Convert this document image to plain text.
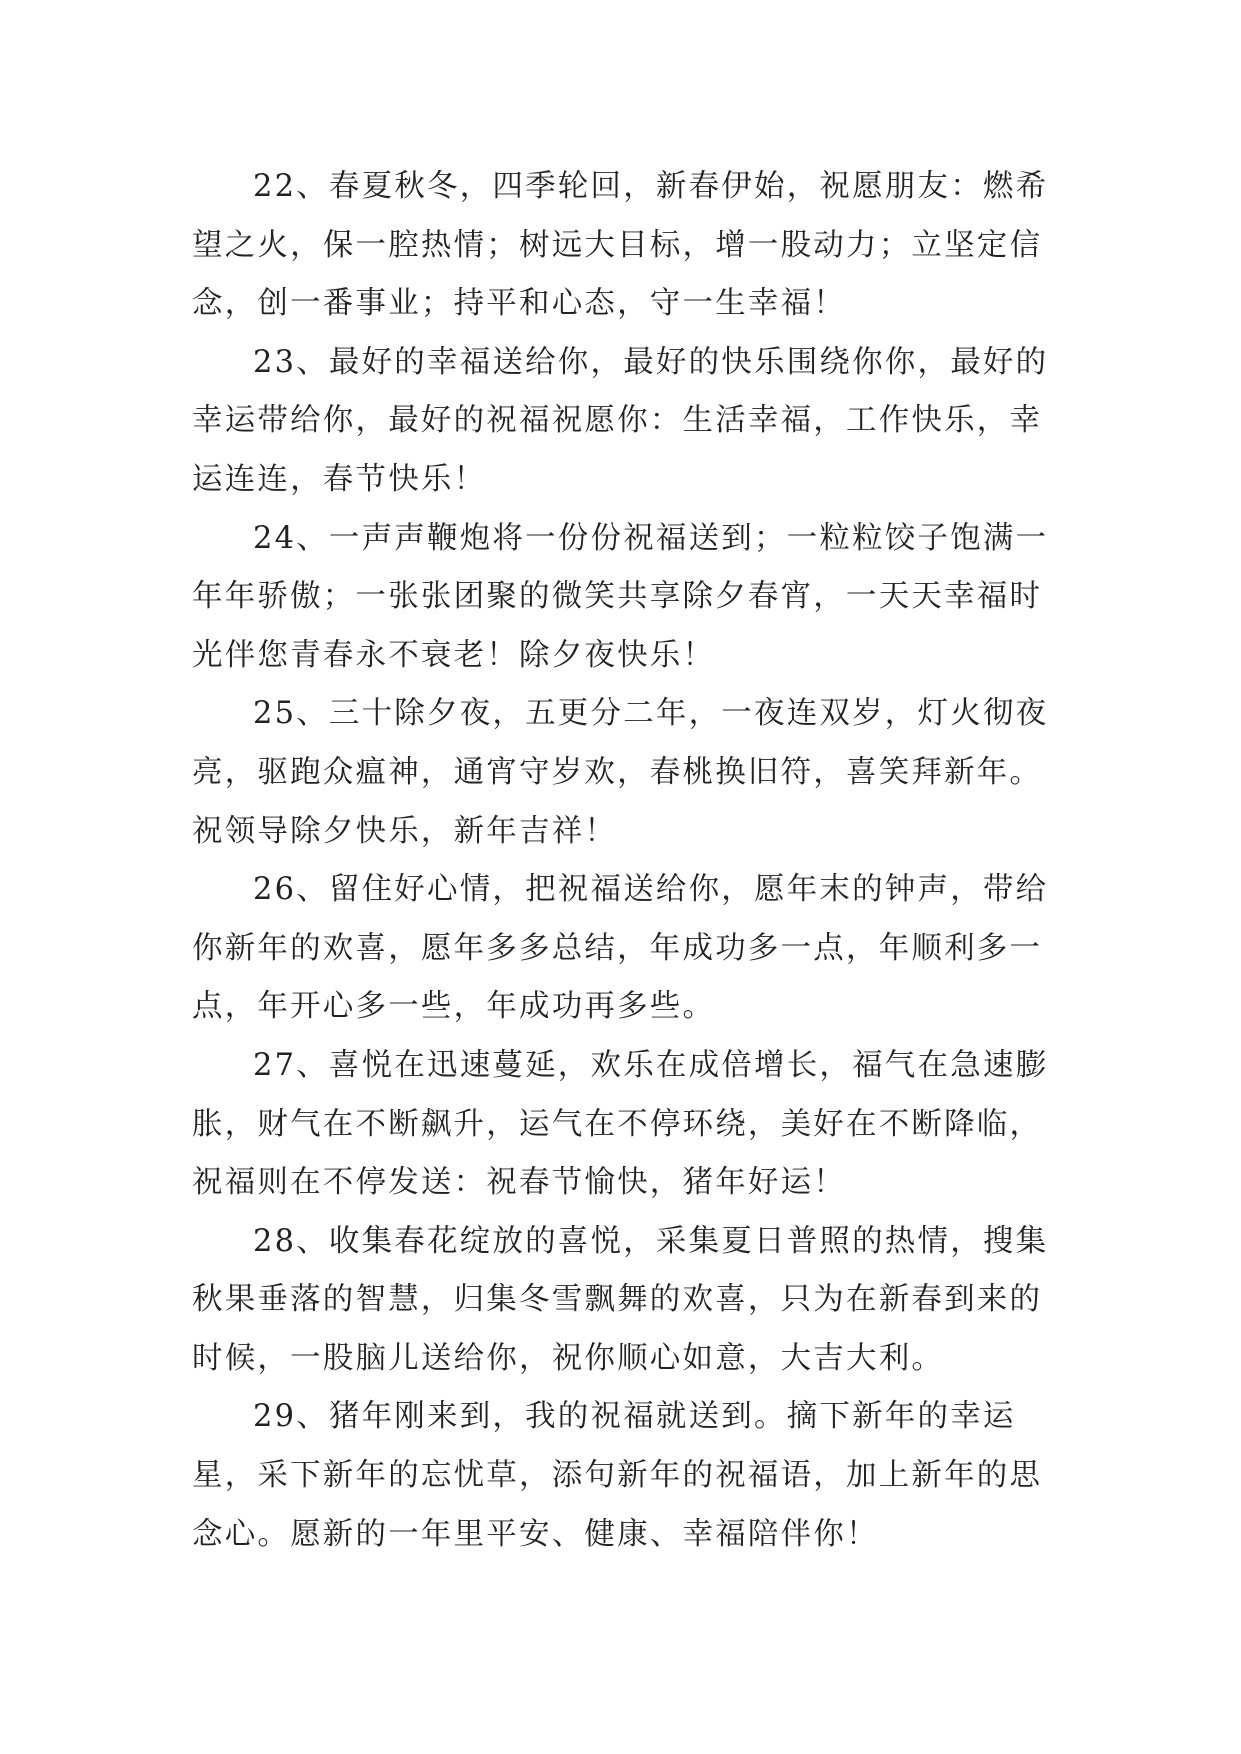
22、春夏秋冬，四季轮回，新春伊始，祝愿朋友：燃希望之火，保一腔热情；树远大目标，增一股动力；立坚定信念，创一番事业；持平和心态，守一生幸福！

23、最好的幸福送给你，最好的快乐围绕你你，最好的幸运带给你，最好的祝福祝愿你：生活幸福，工作快乐，幸运连连，春节快乐！

24、一声声鞭炮将一份份祝福送到；一粒粒饺子饱满一年年骄傲；一张张团聚的微笑共享除夕春宵，一天天幸福时光伴您青春永不衰老！除夕夜快乐！

25、三十除夕夜，五更分二年，一夜连双岁，灯火彻夜亮，驱跑众瘟神，通宵守岁欢，春桃换旧符，喜笑拜新年。祝领导除夕快乐，新年吉祥！

26、留住好心情，把祝福送给你，愿年末的钟声，带给你新年的欢喜，愿年多多总结，年成功多一点，年顺利多一点，年开心多一些，年成功再多些。

27、喜悦在迅速蔓延，欢乐在成倍增长，福气在急速膨胀，财气在不断飙升，运气在不停环绕，美好在不断降临，祝福则在不停发送：祝春节愉快，猪年好运！

28、收集春花绽放的喜悦，采集夏日普照的热情，搜集秋果垂落的智慧，归集冬雪飘舞的欢喜，只为在新春到来的时候，一股脑儿送给你，祝你顺心如意，大吉大利。

29、猪年刚来到，我的祝福就送到。摘下新年的幸运星，采下新年的忘忧草，添句新年的祝福语，加上新年的思念心。愿新的一年里平安、健康、幸福陪伴你！
